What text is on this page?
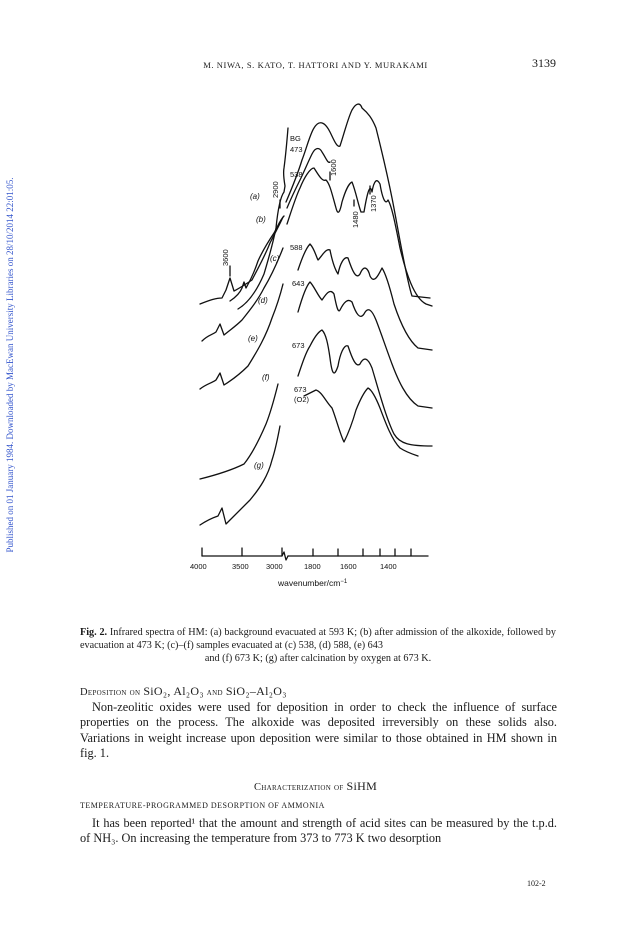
M. NIWA, S. KATO, T. HATTORI AND Y. MURAKAMI	3139
Published on 01 January 1984. Downloaded by MacEwan University Libraries on 28/10/2014 22:01:05.	(a)
(b)
(c)
(d)
(e)
(f)
(g)
BG
473
538
588
643
673
673
(O2)
3600
2900
1600
1480
1370
4000	3500 3000	1800	1600	1400
wavenumber/$cm^{-1}$
Fig. 2. Infrared spectra of HM: (a) background evacuated at 593 K; (b) after admission of the alkoxide, followed by evacuation at 473 K; (c)–(f) samples evacuated at (c) 538, (d) 588, (e) 643
and (f) 673 K; (g) after calcination by oxygen at 673 K.
Deposition on SiO₂, Al₂O₃ and SiO₂–Al₂O₃

Non-zeolitic oxides were used for deposition in order to check the influence of surface properties on the process. The alkoxide was deposited irreversibly on these solids also. Variations in weight increase upon deposition were similar to those obtained in HM shown in fig. 1.

Characterization of SiHM
TEMPERATURE-PROGRAMMED DESORPTION OF AMMONIA

It has been reported¹ that the amount and strength of acid sites can be measured by the t.p.d. of NH₃. On increasing the temperature from 373 to 773 K two desorption

102-2
